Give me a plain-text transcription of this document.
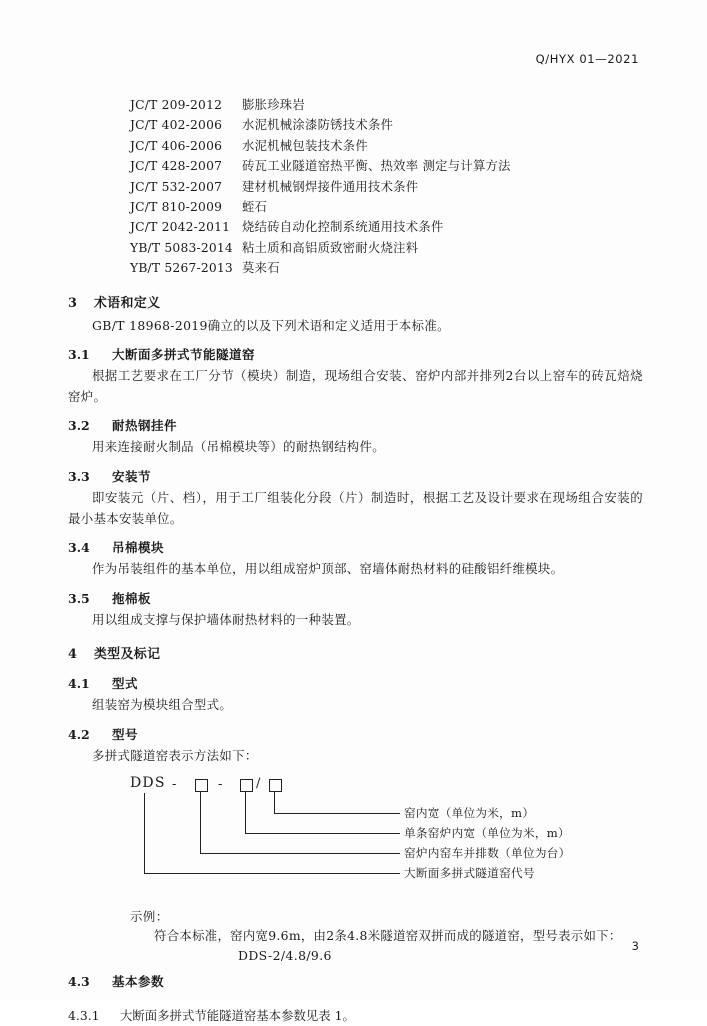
Q/HYX 01—2021
JC/T 209-2012	膨胀珍珠岩
JC/T 402-2006	水泥机械涂漆防锈技术条件
JC/T 406-2006	水泥机械包装技术条件
JC/T 428-2007	砖瓦工业隧道窑热平衡、热效率 测定与计算方法
JC/T 532-2007	建材机械钢焊接件通用技术条件
JC/T 810-2009	蛭石
JC/T 2042-2011 烧结砖自动化控制系统通用技术条件
YB/T 5083-2014 粘土质和高铝质致密耐火烧注料
YB/T 5267-2013 莫来石
3	术语和定义

GB/T 18968-2019确立的以及下列术语和定义适用于本标准。

3.1	大断面多拼式节能隧道窑

根据工艺要求在工厂分节（模块）制造，现场组合安装、窑炉内部并排列2台以上窑车的砖瓦焙烧窑炉。

3.2	耐热钢挂件

用来连接耐火制品（吊棉模块等）的耐热钢结构件。

3.3	安装节

即安装元（片、档），用于工厂组装化分段（片）制造时，根据工艺及设计要求在现场组合安装的最小基本安装单位。

3.4	吊棉模块

作为吊装组件的基本单位，用以组成窑炉顶部、窑墙体耐热材料的硅酸铝纤维模块。

3.5	拖棉板

用以组成支撑与保护墙体耐热材料的一种装置。

4	类型及标记
4.1	型式

组装窑为模块组合型式。

4.2	型号

多拼式隧道窑表示方法如下：

DDS -	-	/
窑内宽（单位为米，m）
单条窑炉内宽（单位为米，m）
窑炉内窑车并排数（单位为台）
大断面多拼式隧道窑代号
示例：
符合本标准，窑内宽9.6m，由2条4.8米隧道窑双拼而成的隧道窑，型号表示如下：
DDS-2/4.8/9.6
4.3	基本参数
4.3.1	大断面多拼式节能隧道窑基本参数见表 1。
3
